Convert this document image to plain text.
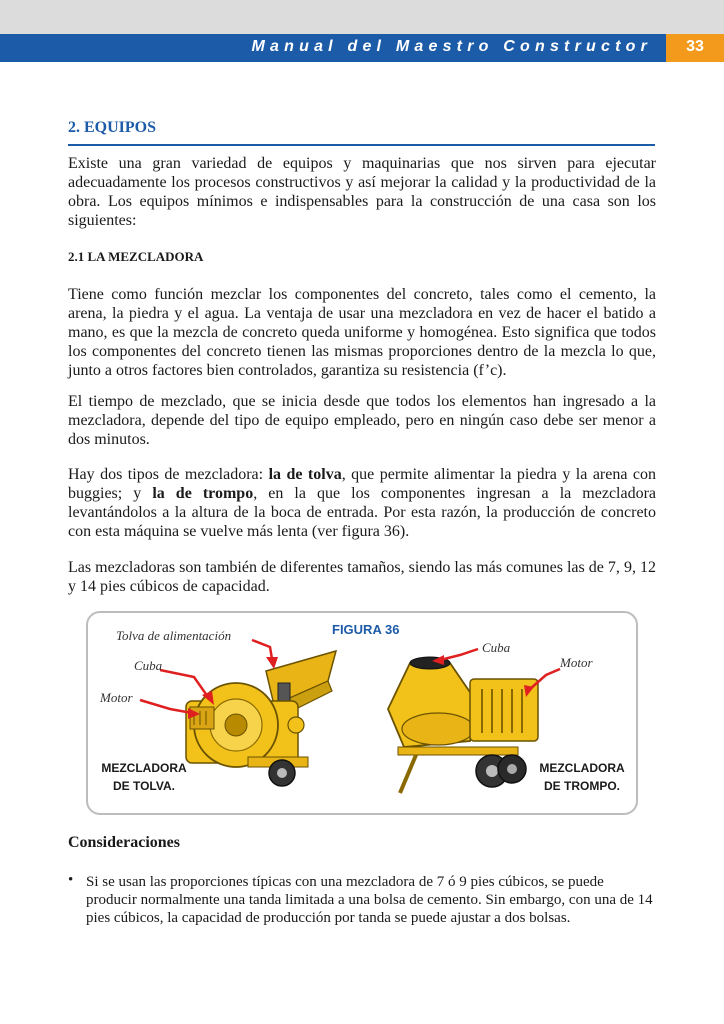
Manual del Maestro Constructor	33
2. EQUIPOS

Existe una gran variedad de equipos y maquinarias que nos sirven para ejecutar adecuadamente los procesos constructivos y así mejorar la calidad y la productividad de la obra. Los equipos mínimos e indispensables para la construcción de una casa son los siguientes:

2.1 LA MEZCLADORA

Tiene como función mezclar los componentes del concreto, tales como el cemento, la arena, la piedra y el agua. La ventaja de usar una mezcladora en vez de hacer el batido a mano, es que la mezcla de concreto queda uniforme y homogénea. Esto significa que todos los componentes del concreto tienen las mismas proporciones dentro de la mezcla lo que, junto a otros factores bien controlados, garantiza su resistencia (f’c).

El tiempo de mezclado, que se inicia desde que todos los elementos han ingresado a la mezcladora, depende del tipo de equipo empleado, pero en ningún caso debe ser menor a dos minutos.

Hay dos tipos de mezcladora: la de tolva, que permite alimentar la piedra y la arena con buggies; y la de trompo, en la que los componentes ingresan a la mezcladora levantándolos a la altura de la boca de entrada. Por esta razón, la producción de concreto con esta máquina se vuelve más lenta (ver figura 36).

Las mezcladoras son también de diferentes tamaños, siendo las más comunes las de 7, 9, 12 y 14 pies cúbicos de capacidad.

FIGURA 36
Tolva de alimentación
Cuba
Motor
Cuba
Motor
MEZCLADORA
DE TOLVA.
MEZCLADORA
DE TROMPO.
Consideraciones
• Si se usan las proporciones típicas con una mezcladora de 7 ó 9 pies cúbicos, se puede producir normalmente una tanda limitada a una bolsa de cemento. Sin embargo, con una de 14 pies cúbicos, la capacidad de producción por tanda se puede ajustar a dos bolsas.
